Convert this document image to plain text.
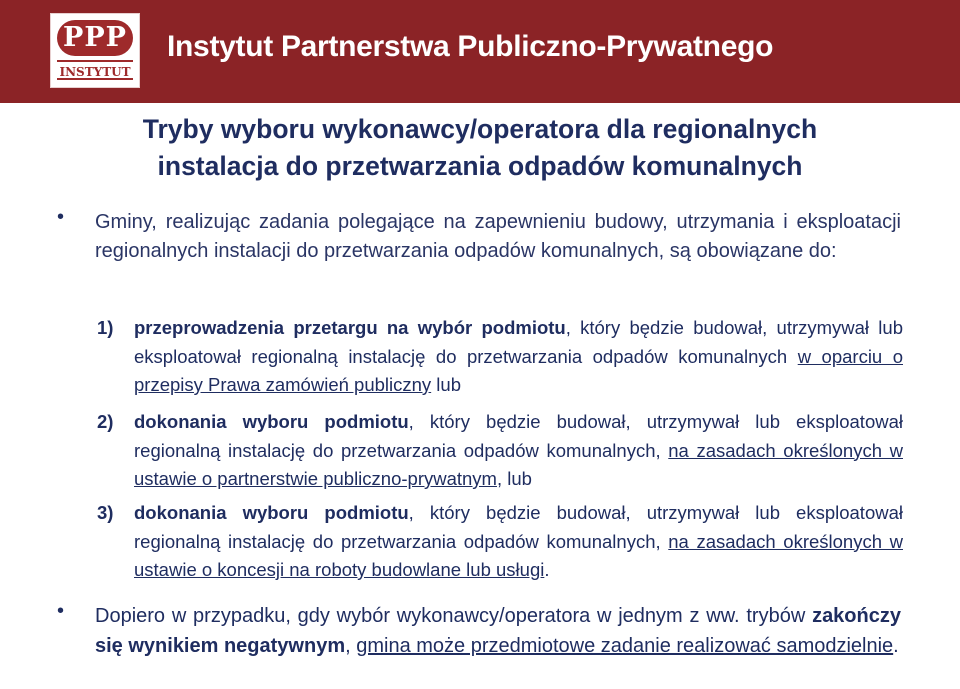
PPP
INSTYTUT
Instytut Partnerstwa Publiczno-Prywatnego
Tryby wyboru wykonawcy/operatora dla regionalnych
instalacja do przetwarzania odpadów komunalnych
• Gminy, realizując zadania polegające na zapewnieniu budowy, utrzymania i eksploatacji regionalnych instalacji do przetwarzania odpadów komunalnych, są obowiązane do:
1)	przeprowadzenia przetargu na wybór podmiotu, który będzie budował, utrzymywał lub eksploatował regionalną instalację do przetwarzania odpadów komunalnych w oparciu o przepisy Prawa zamówień publiczny lub
2)	dokonania wyboru podmiotu, który będzie budował, utrzymywał lub eksploatował regionalną instalację do przetwarzania odpadów komunalnych, na zasadach określonych w ustawie o partnerstwie publiczno-prywatnym, lub
3)	dokonania wyboru podmiotu, który będzie budował, utrzymywał lub eksploatował regionalną instalację do przetwarzania odpadów komunalnych, na zasadach określonych w ustawie o koncesji na roboty budowlane lub usługi.
• Dopiero w przypadku, gdy wybór wykonawcy/operatora w jednym z ww. trybów zakończy się wynikiem negatywnym, gmina może przedmiotowe zadanie realizować samodzielnie.
